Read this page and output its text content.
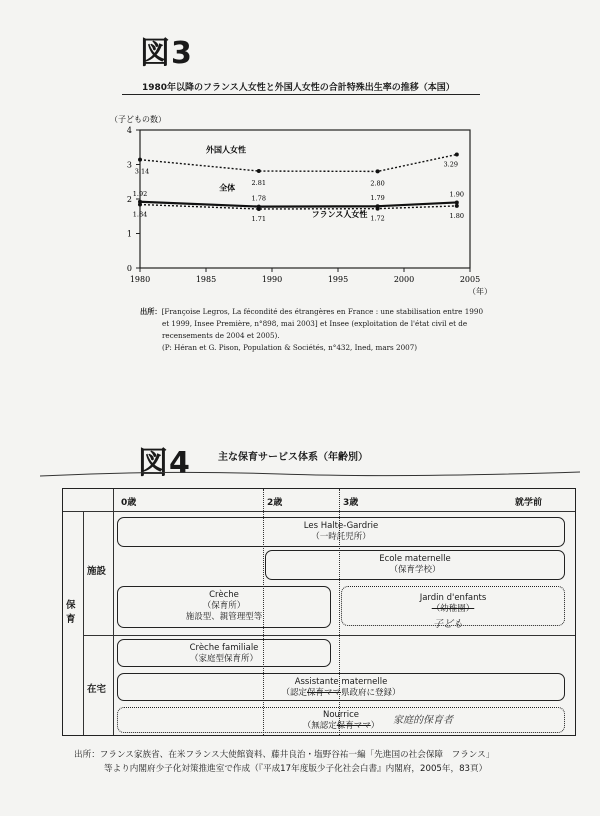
図3
1980年以降のフランス人女性と外国人女性の合計特殊出生率の推移（本国）
0
1
2
3
4
1980	1985	1990	1995	2000	2005
（子どもの数）
（年）
3.14
2.81	2.80
3.29
外国人女性
1.92
1.78	1.79	1.90
全体
1.84
1.71	1.72	1.80
フランス人女性
出所：[Françoise Legros, La fécondité des étrangères en France : une stabilisation entre 1990
et 1999, Insee Première, n°898, mai 2003] et Insee (exploitation de l'état civil et de
recensements de 2004 et 2005).
(P: Héran et G. Pison, Population & Sociétés, n°432, Ined, mars 2007)
図4	主な保育サービス体系（年齢別）
0歳	2歳	3歳	就学前
保育
施設
在宅
Les Halte-Gardrie
（一時託児所）
Ecole maternelle
（保育学校）
Crèche
（保育所）
施設型、親管理型等
Jardin d'enfants
（幼稚園）
子ども
Crèche familiale
（家庭型保育所）
Assistante maternelle
（認定保育ママ県政府に登録）
Nourrice
（無認定保育ママ）	家庭的保育者
出所：フランス家族省、在米フランス大使館資料、藤井良治・塩野谷祐一編「先進国の社会保障　フランス」
等より内閣府少子化対策推進室で作成（『平成17年度版少子化社会白書』内閣府，2005年，83頁）
